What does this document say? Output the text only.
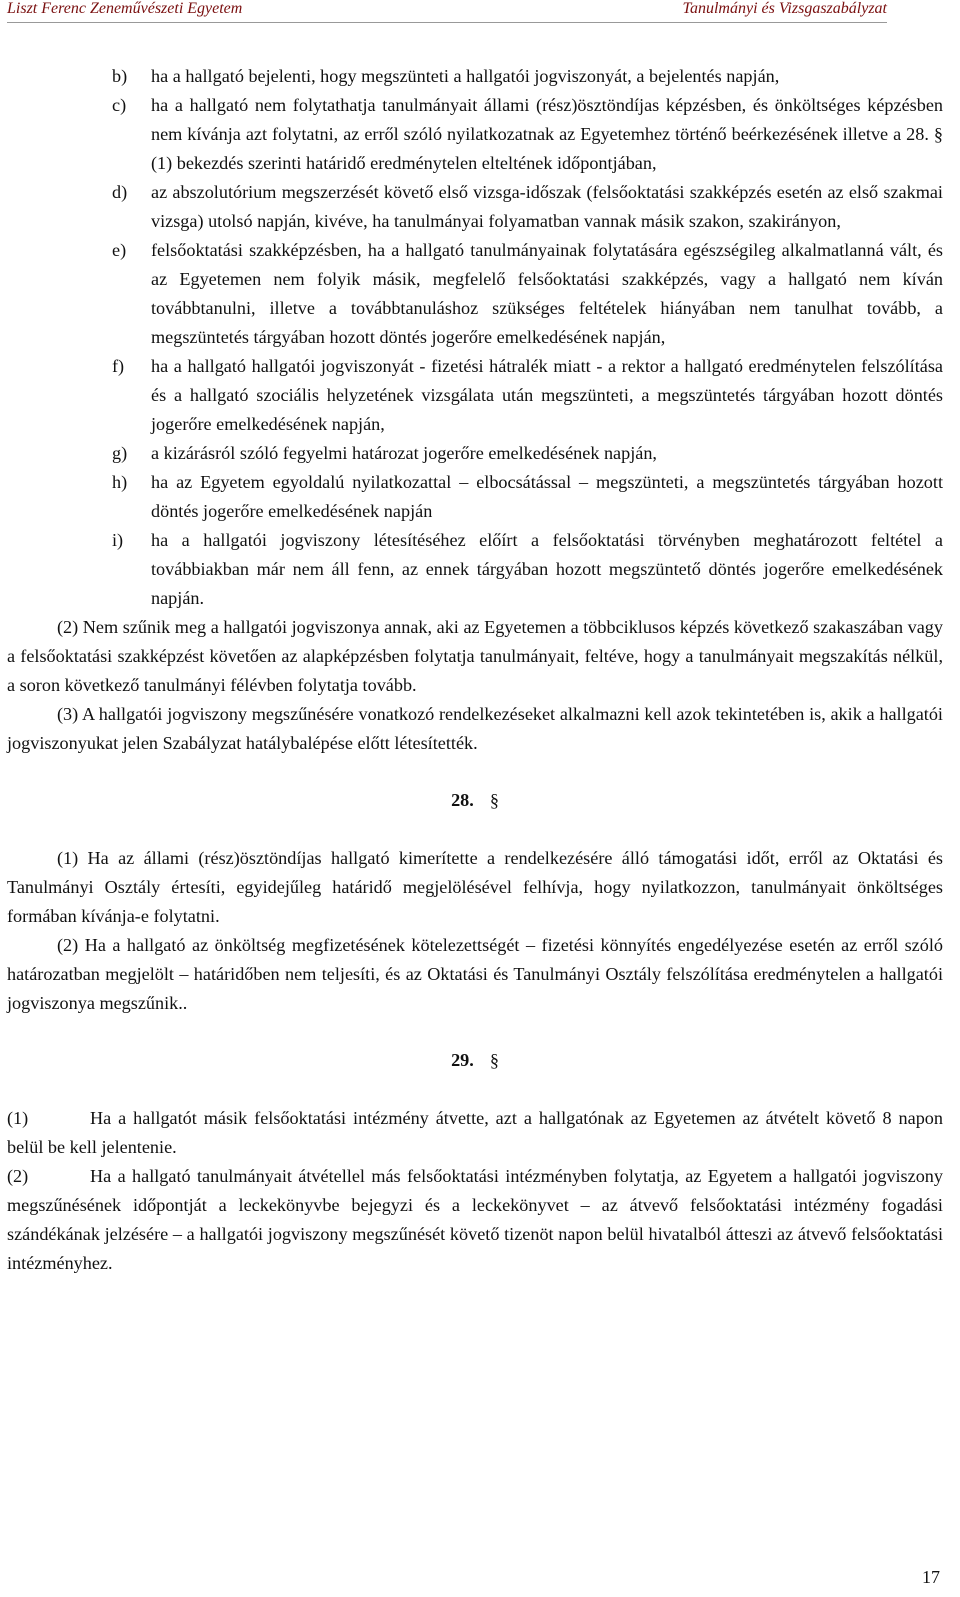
Liszt Ferenc Zeneművészeti Egyetem	Tanulmányi és Vizsgaszabályzat
b) ha a hallgató bejelenti, hogy megszünteti a hallgatói jogviszonyát, a bejelentés napján,
c) ha a hallgató nem folytathatja tanulmányait állami (rész)ösztöndíjas képzésben, és önköltséges képzésben nem kívánja azt folytatni, az erről szóló nyilatkozatnak az Egyetemhez történő beérkezésének illetve a 28. § (1) bekezdés szerinti határidő eredménytelen elteltének időpontjában,
d) az abszolutórium megszerzését követő első vizsga-időszak (felsőoktatási szakképzés esetén az első szakmai vizsga) utolsó napján, kivéve, ha tanulmányai folyamatban vannak másik szakon, szakirányon,
e) felsőoktatási szakképzésben, ha a hallgató tanulmányainak folytatására egészségileg alkalmatlanná vált, és az Egyetemen nem folyik másik, megfelelő felsőoktatási szakképzés, vagy a hallgató nem kíván továbbtanulni, illetve a továbbtanuláshoz szükséges feltételek hiányában nem tanulhat tovább, a megszüntetés tárgyában hozott döntés jogerőre emelkedésének napján,
f) ha a hallgató hallgatói jogviszonyát - fizetési hátralék miatt - a rektor a hallgató eredménytelen felszólítása és a hallgató szociális helyzetének vizsgálata után megszünteti, a megszüntetés tárgyában hozott döntés jogerőre emelkedésének napján,
g) a kizárásról szóló fegyelmi határozat jogerőre emelkedésének napján,
h) ha az Egyetem egyoldalú nyilatkozattal – elbocsátással – megszünteti, a megszüntetés tárgyában hozott döntés jogerőre emelkedésének napján
i) ha a hallgatói jogviszony létesítéséhez előírt a felsőoktatási törvényben meghatározott feltétel a továbbiakban már nem áll fenn, az ennek tárgyában hozott megszüntető döntés jogerőre emelkedésének napján.

(2) Nem szűnik meg a hallgatói jogviszonya annak, aki az Egyetemen a többciklusos képzés következő szakaszában vagy a felsőoktatási szakképzést követően az alapképzésben folytatja tanulmányait, feltéve, hogy a tanulmányait megszakítás nélkül, a soron következő tanulmányi félévben folytatja tovább.

(3) A hallgatói jogviszony megszűnésére vonatkozó rendelkezéseket alkalmazni kell azok tekintetében is, akik a hallgatói jogviszonyukat jelen Szabályzat hatálybalépése előtt létesítették.

28. §

(1) Ha az állami (rész)ösztöndíjas hallgató kimerítette a rendelkezésére álló támogatási időt, erről az Oktatási és Tanulmányi Osztály értesíti, egyidejűleg határidő megjelölésével felhívja, hogy nyilatkozzon, tanulmányait önköltséges formában kívánja-e folytatni.

(2) Ha a hallgató az önköltség megfizetésének kötelezettségét – fizetési könnyítés engedélyezése esetén az erről szóló határozatban megjelölt – határidőben nem teljesíti, és az Oktatási és Tanulmányi Osztály felszólítása eredménytelen a hallgatói jogviszonya megszűnik..

29. §

(1)	Ha a hallgatót másik felsőoktatási intézmény átvette, azt a hallgatónak az Egyetemen az átvételt követő 8 napon belül be kell jelentenie.

(2)	Ha a hallgató tanulmányait átvétellel más felsőoktatási intézményben folytatja, az Egyetem a hallgatói jogviszony megszűnésének időpontját a leckekönyvbe bejegyzi és a leckekönyvet – az átvevő felsőoktatási intézmény fogadási szándékának jelzésére – a hallgatói jogviszony megszűnését követő tizenöt napon belül hivatalból átteszi az átvevő felsőoktatási intézményhez.

17
